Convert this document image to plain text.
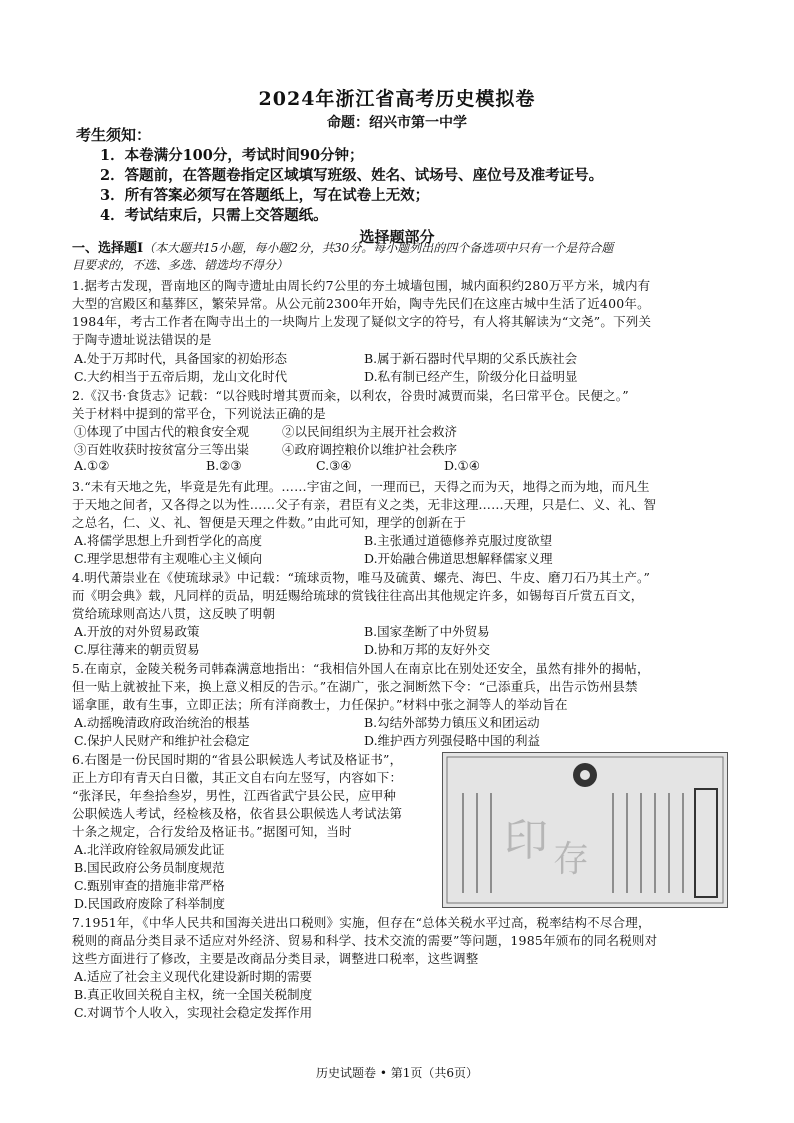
2024年浙江省高考历史模拟卷
命题：绍兴市第一中学
考生须知：
1．本卷满分100分，考试时间90分钟；
2．答题前，在答题卷指定区域填写班级、姓名、试场号、座位号及准考证号。
3．所有答案必须写在答题纸上，写在试卷上无效；
4．考试结束后，只需上交答题纸。
选择题部分
一、选择题Ⅰ（本大题共15小题，每小题2分，共30分。每小题列出的四个备选项中只有一个是符合题
目要求的，不选、多选、错选均不得分）
1.据考古发现，晋南地区的陶寺遗址由周长约7公里的夯土城墙包围，城内面积约280万平方米，城内有
大型的宫殿区和墓葬区，繁荣异常。从公元前2300年开始，陶寺先民们在这座古城中生活了近400年。
1984年，考古工作者在陶寺出土的一块陶片上发现了疑似文字的符号，有人将其解读为“文尧”。下列关
于陶寺遗址说法错误的是
A.处于万邦时代，具备国家的初始形态	B.属于新石器时代早期的父系氏族社会
C.大约相当于五帝后期，龙山文化时代	D.私有制已经产生，阶级分化日益明显
2.《汉书·食货志》记载：“以谷贱时增其贾而籴，以利农，谷贵时减贾而粜，名曰常平仓。民便之。”
关于材料中提到的常平仓，下列说法正确的是
①体现了中国古代的粮食安全观	②以民间组织为主展开社会救济
③百姓收获时按贫富分三等出粜	④政府调控粮价以维护社会秩序
A.①②	B.②③	C.③④	D.①④
3.“未有天地之先，毕竟是先有此理。……宇宙之间，一理而已，天得之而为天，地得之而为地，而凡生
于天地之间者，又各得之以为性……父子有亲，君臣有义之类，无非这理……天理，只是仁、义、礼、智
之总名，仁、义、礼、智便是天理之件数。”由此可知，理学的创新在于
A.将儒学思想上升到哲学化的高度	B.主张通过道德修养克服过度欲望
C.理学思想带有主观唯心主义倾向	D.开始融合佛道思想解释儒家义理
4.明代萧崇业在《使琉球录》中记载：“琉球贡物，唯马及硫黄、螺壳、海巴、牛皮、磨刀石乃其土产。”
而《明会典》载，凡同样的贡品，明廷赐给琉球的赏钱往往高出其他规定许多，如锡每百斤赏五百文，
赏给琉球则高达八贯，这反映了明朝
A.开放的对外贸易政策	B.国家垄断了中外贸易
C.厚往薄来的朝贡贸易	D.协和万邦的友好外交
5.在南京，金陵关税务司韩森满意地指出：“我相信外国人在南京比在别处还安全，虽然有排外的揭帖，
但一贴上就被扯下来，换上意义相反的告示。”在湖广，张之洞断然下令：“己添重兵，出告示饬州县禁
谣拿匪，敢有生事，立即正法；所有洋商教士，力任保护。”材料中张之洞等人的举动旨在
A.动摇晚清政府政治统治的根基	B.勾结外部势力镇压义和团运动
C.保护人民财产和维护社会稳定	D.维护西方列强侵略中国的利益
6.右图是一份民国时期的“省县公职候选人考试及格证书”，
正上方印有青天白日徽，其正文自右向左竖写，内容如下：
“张泽民，年叁拾叁岁，男性，江西省武宁县公民，应甲种
公职候选人考试，经检核及格，依省县公职候选人考试法第
十条之规定，合行发给及格证书。”据图可知，当时
A.北洋政府铨叙局颁发此证
B.国民政府公务员制度规范
C.甄别审查的措施非常严格
D.民国政府废除了科举制度
印 存
7.1951年，《中华人民共和国海关进出口税则》实施，但存在“总体关税水平过高，税率结构不尽合理，
税则的商品分类目录不适应对外经济、贸易和科学、技术交流的需要”等问题，1985年颁布的同名税则对
这些方面进行了修改，主要是改商品分类目录，调整进口税率，这些调整
A.适应了社会主义现代化建设新时期的需要
B.真正收回关税自主权，统一全国关税制度
C.对调节个人收入，实现社会稳定发挥作用
历史试题卷 • 第1页（共6页）
